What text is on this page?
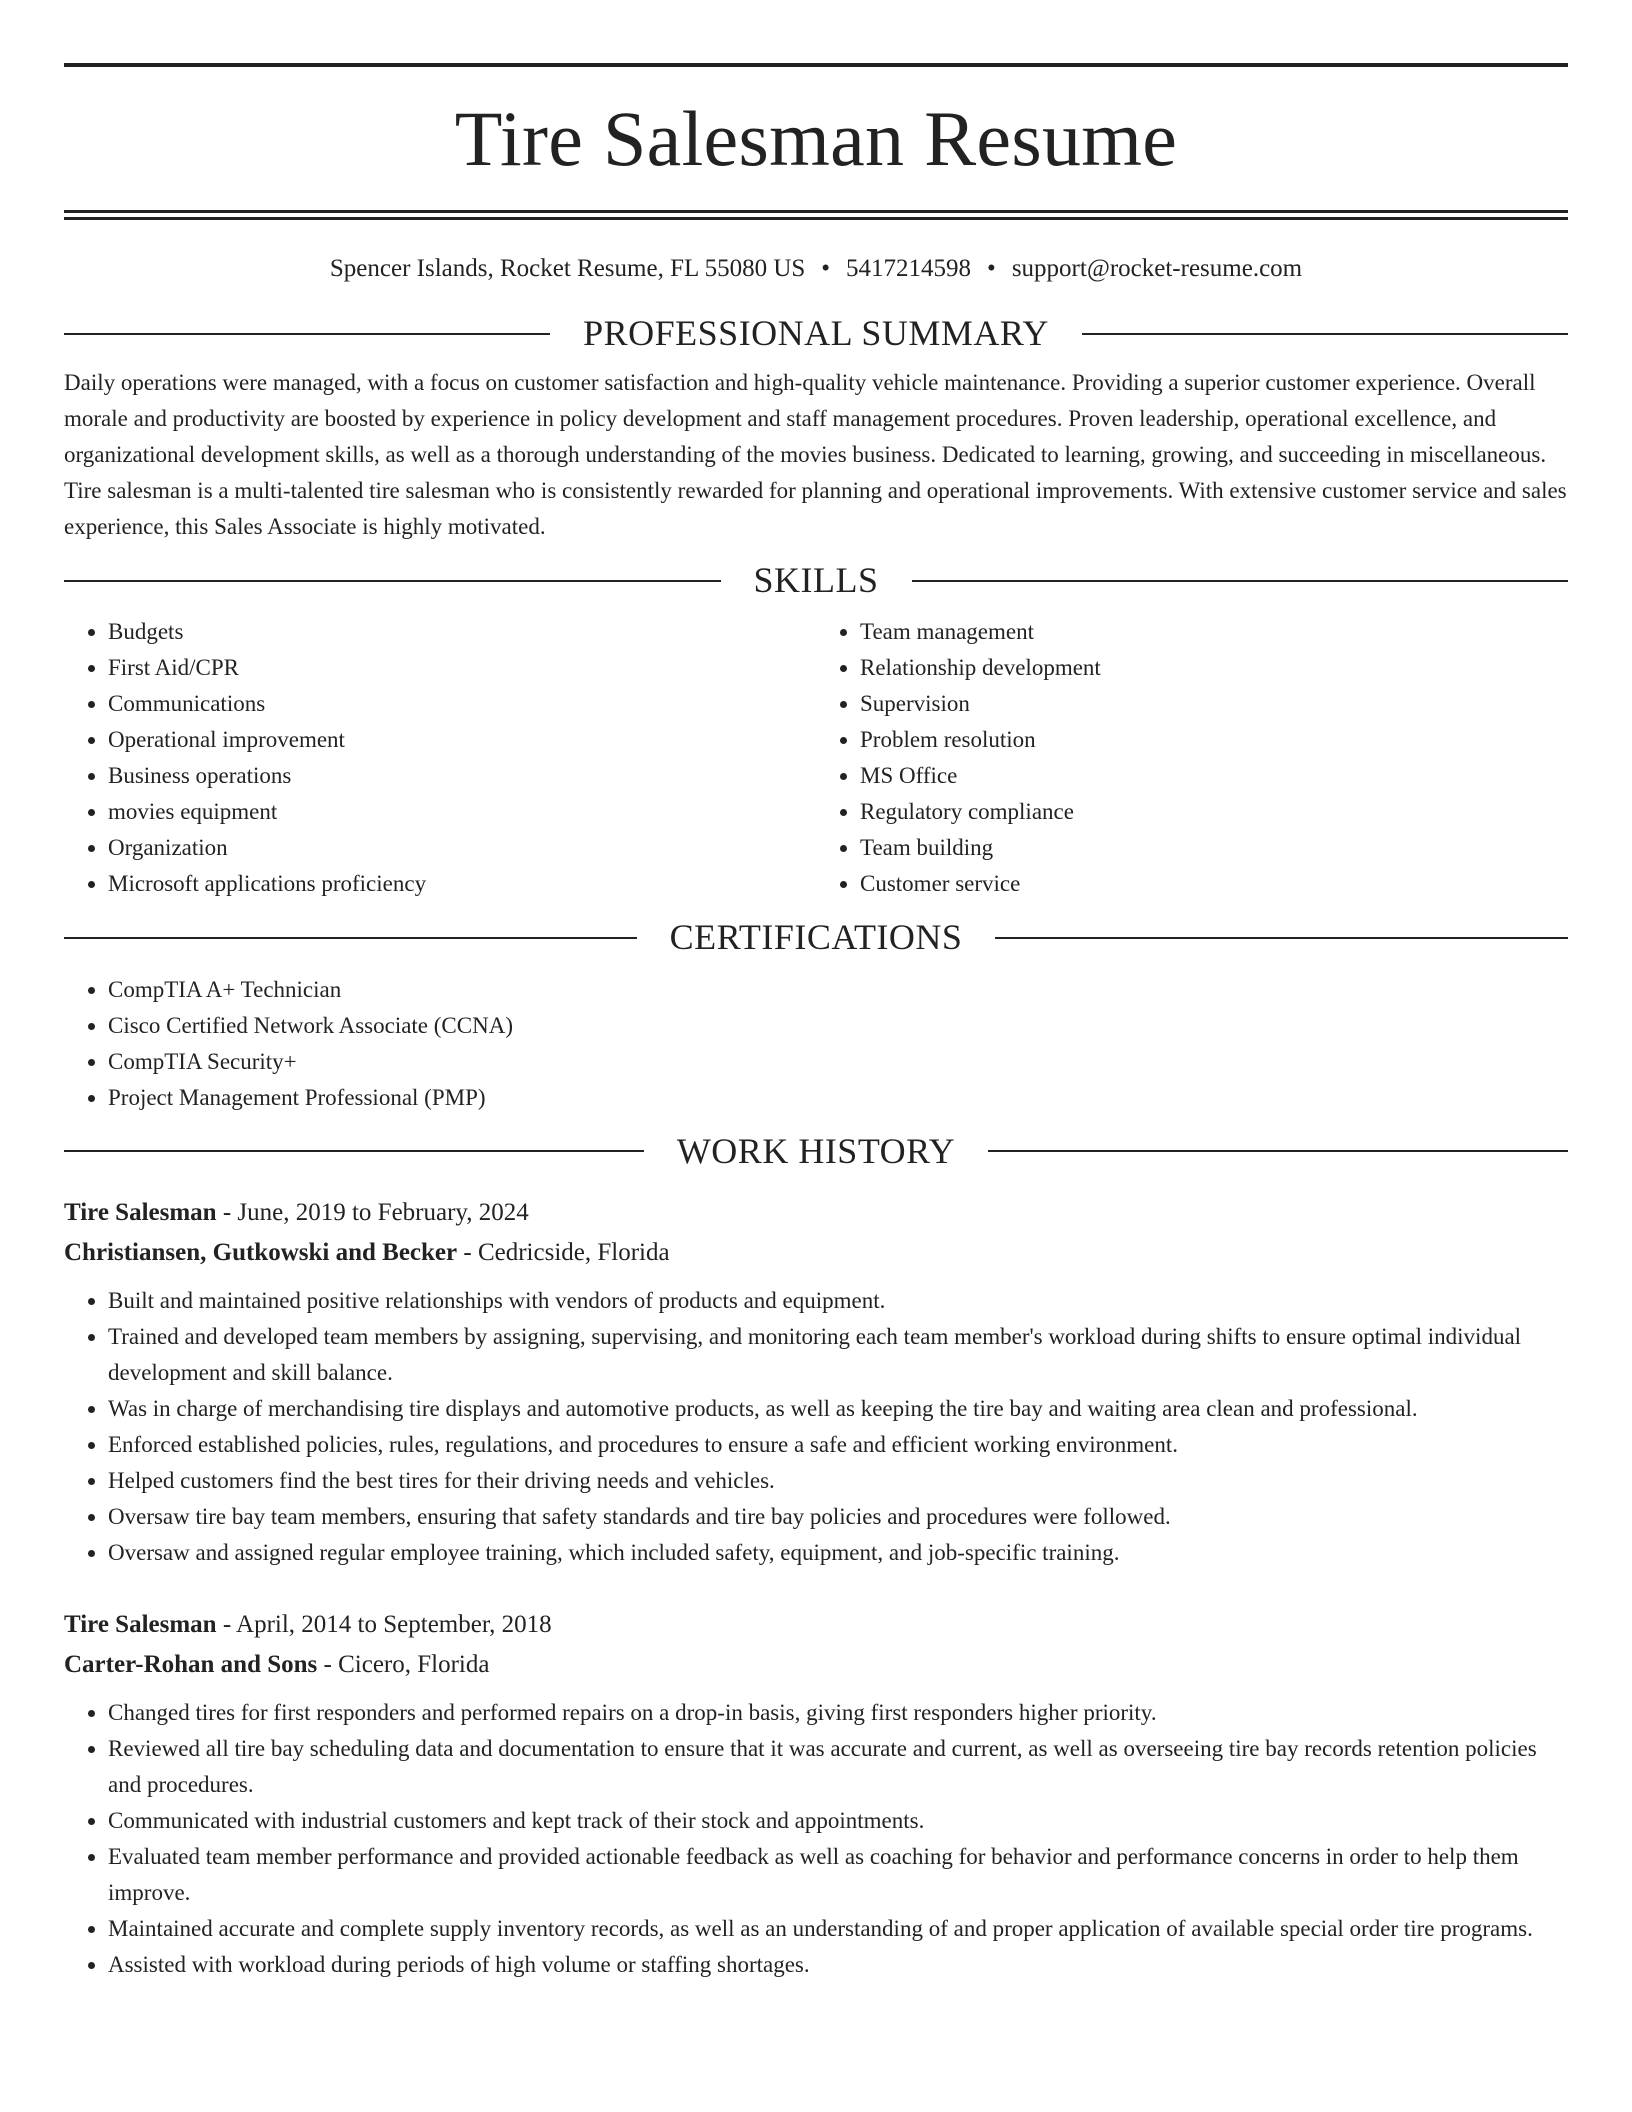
Tire Salesman Resume
Spencer Islands, Rocket Resume, FL 55080 US • 5417214598 • support@rocket-resume.com
PROFESSIONAL SUMMARY

Daily operations were managed, with a focus on customer satisfaction and high-quality vehicle maintenance. Providing a superior customer experience. Overall morale and productivity are boosted by experience in policy development and staff management procedures. Proven leadership, operational excellence, and organizational development skills, as well as a thorough understanding of the movies business. Dedicated to learning, growing, and succeeding in miscellaneous. Tire salesman is a multi-talented tire salesman who is consistently rewarded for planning and operational improvements. With extensive customer service and sales experience, this Sales Associate is highly motivated.

SKILLS
• Budgets
• First Aid/CPR
• Communications
• Operational improvement
• Business operations
• movies equipment
• Organization
• Microsoft applications proficiency
• Team management
• Relationship development
• Supervision
• Problem resolution
• MS Office
• Regulatory compliance
• Team building
• Customer service
CERTIFICATIONS
• CompTIA A+ Technician
• Cisco Certified Network Associate (CCNA)
• CompTIA Security+
• Project Management Professional (PMP)
WORK HISTORY
Tire Salesman - June, 2019 to February, 2024
Christiansen, Gutkowski and Becker - Cedricside, Florida
• Built and maintained positive relationships with vendors of products and equipment.
• Trained and developed team members by assigning, supervising, and monitoring each team member's workload during shifts to ensure optimal individual development and skill balance.
• Was in charge of merchandising tire displays and automotive products, as well as keeping the tire bay and waiting area clean and professional.
• Enforced established policies, rules, regulations, and procedures to ensure a safe and efficient working environment.
• Helped customers find the best tires for their driving needs and vehicles.
• Oversaw tire bay team members, ensuring that safety standards and tire bay policies and procedures were followed.
• Oversaw and assigned regular employee training, which included safety, equipment, and job-specific training.
Tire Salesman - April, 2014 to September, 2018
Carter-Rohan and Sons - Cicero, Florida
• Changed tires for first responders and performed repairs on a drop-in basis, giving first responders higher priority.
• Reviewed all tire bay scheduling data and documentation to ensure that it was accurate and current, as well as overseeing tire bay records retention policies and procedures.
• Communicated with industrial customers and kept track of their stock and appointments.
• Evaluated team member performance and provided actionable feedback as well as coaching for behavior and performance concerns in order to help them improve.
• Maintained accurate and complete supply inventory records, as well as an understanding of and proper application of available special order tire programs.
• Assisted with workload during periods of high volume or staffing shortages.
